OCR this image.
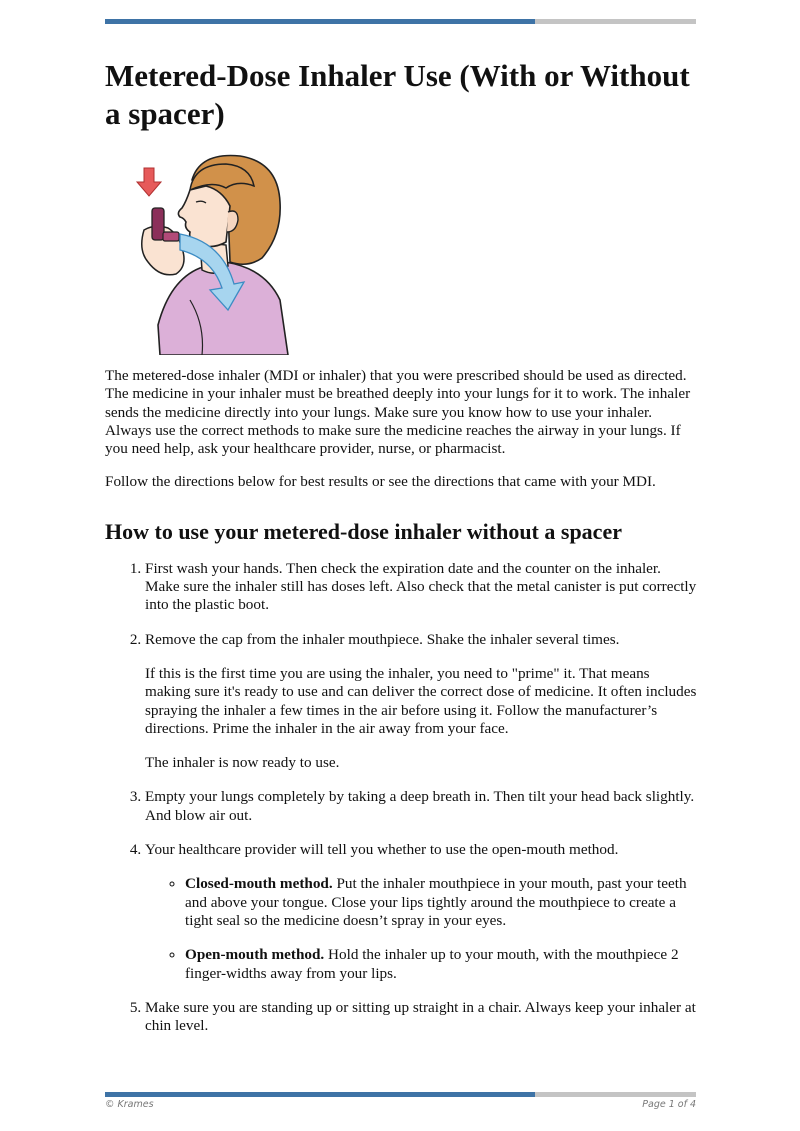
Metered-Dose Inhaler Use (With or Without a spacer)

The metered-dose inhaler (MDI or inhaler) that you were prescribed should be used as directed. The medicine in your inhaler must be breathed deeply into your lungs for it to work. The inhaler sends the medicine directly into your lungs. Make sure you know how to use your inhaler. Always use the correct methods to make sure the medicine reaches the airway in your lungs. If you need help, ask your healthcare provider, nurse, or pharmacist.

Follow the directions below for best results or see the directions that came with your MDI.

How to use your metered-dose inhaler without a spacer

1. First wash your hands. Then check the expiration date and the counter on the inhaler. Make sure the inhaler still has doses left. Also check that the metal canister is put correctly into the plastic boot.

2. Remove the cap from the inhaler mouthpiece. Shake the inhaler several times.

If this is the first time you are using the inhaler, you need to "prime" it. That means making sure it's ready to use and can deliver the correct dose of medicine. It often includes spraying the inhaler a few times in the air before using it. Follow the manufacturer’s directions. Prime the inhaler in the air away from your face.

The inhaler is now ready to use.

3. Empty your lungs completely by taking a deep breath in. Then tilt your head back slightly. And blow air out.

4. Your healthcare provider will tell you whether to use the open-mouth method.

◦ Closed-mouth method. Put the inhaler mouthpiece in your mouth, past your teeth and above your tongue. Close your lips tightly around the mouthpiece to create a tight seal so the medicine doesn’t spray in your eyes.
◦ Open-mouth method. Hold the inhaler up to your mouth, with the mouthpiece 2 finger-widths away from your lips.

5. Make sure you are standing up or sitting up straight in a chair. Always keep your inhaler at chin level.

© Krames	Page 1 of 4
